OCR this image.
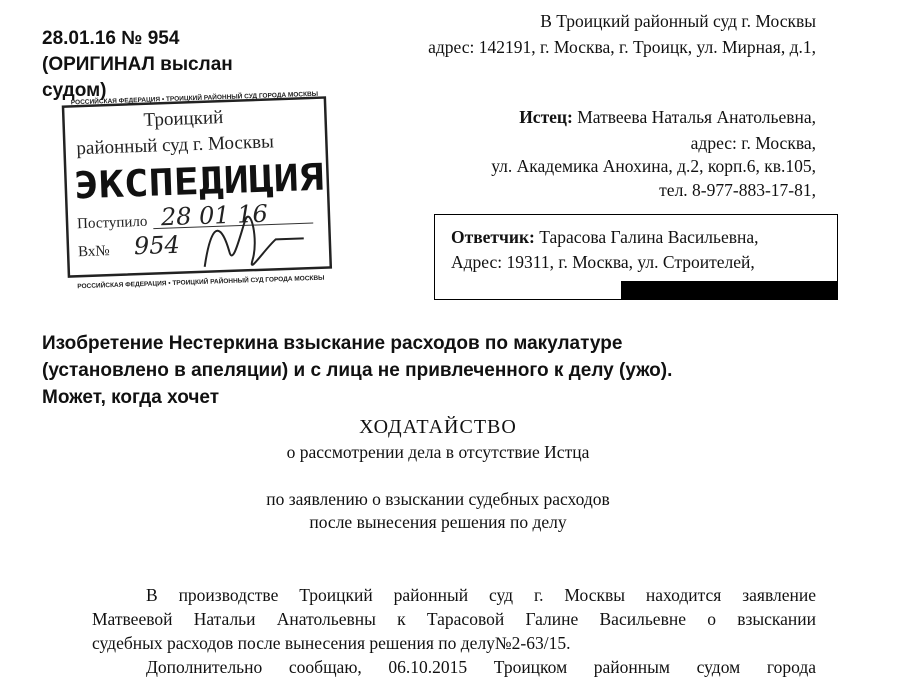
28.01.16 № 954
(ОРИГИНАЛ выслан
судом)
В Троицкий районный суд г. Москвы
адрес: 142191, г. Москва, г. Троицк, ул. Мирная, д.1,
Истец: Матвеева Наталья Анатольевна,
адрес: г. Москва,
ул. Академика Анохина, д.2, корп.6, кв.105,
тел. 8-977-883-17-81,
РОССИЙСКАЯ ФЕДЕРАЦИЯ • ТРОИЦКИЙ РАЙОННЫЙ СУД ГОРОДА МОСКВЫ
Троицкий
районный суд г. Москвы
ЭКСПЕДИЦИЯ
Поступило 28 01 16
Вх№ 954
РОССИЙСКАЯ ФЕДЕРАЦИЯ • ТРОИЦКИЙ РАЙОННЫЙ СУД ГОРОДА МОСКВЫ
Ответчик: Тарасова Галина Васильевна,
Адрес: 19311, г. Москва, ул. Строителей,
Изобретение Нестеркина взыскание расходов по макулатуре
(установлено в апеляции) и с лица не привлеченного к делу (ужо).
Может, когда хочет
ХОДАТАЙСТВО
о рассмотрении дела в отсутствие Истца
по заявлению о взыскании судебных расходов
после вынесения решения по делу
В производстве Троицкий районный суд г. Москвы находится заявление
Матвеевой Натальи Анатольевны к Тарасовой Галине Васильевне о взыскании
судебных расходов после вынесения решения по делу№2-63/15.
Дополнительно сообщаю, 06.10.2015 Троицком районным судом города
